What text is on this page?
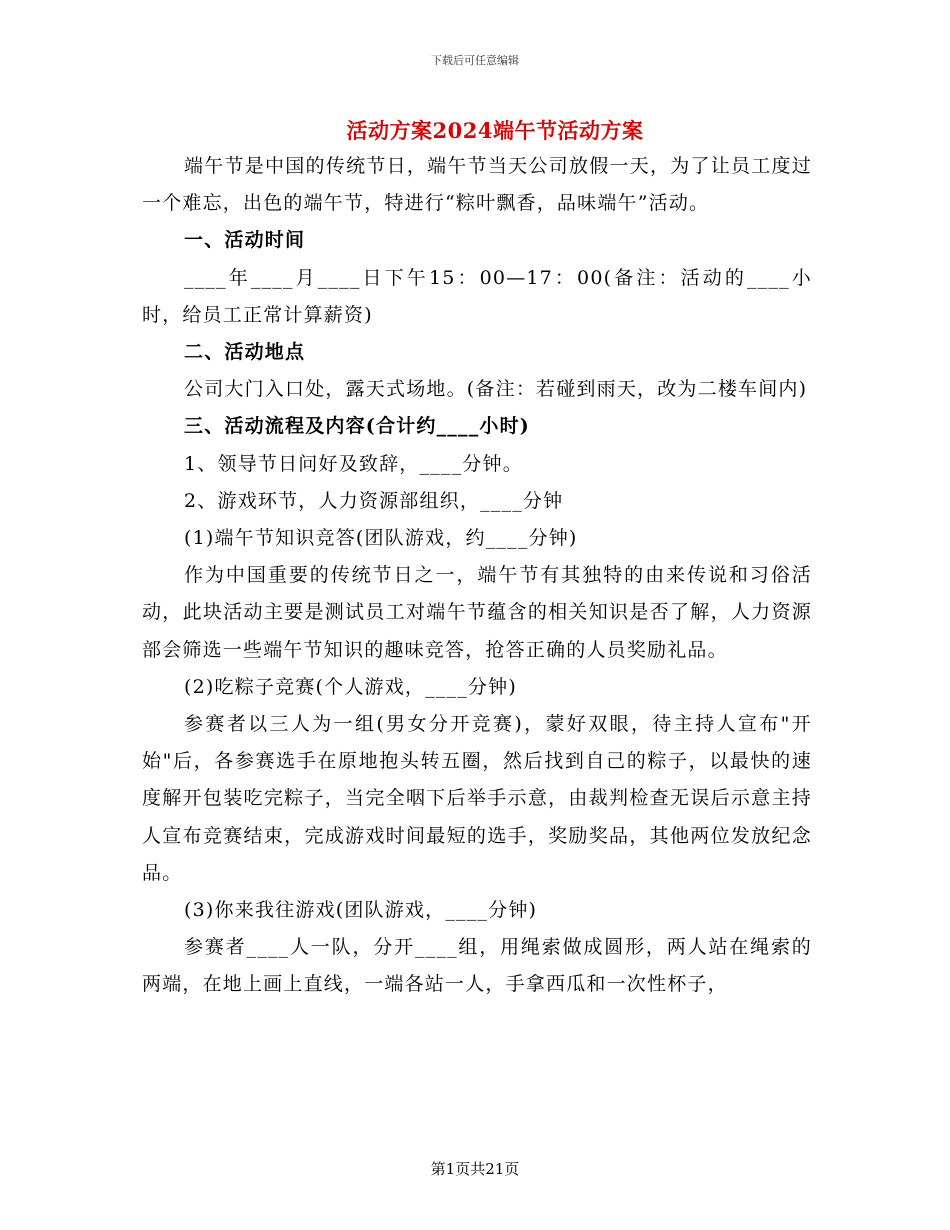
下载后可任意编辑
活动方案2024端午节活动方案

端午节是中国的传统节日，端午节当天公司放假一天，为了让员工度过一个难忘，出色的端午节，特进行“粽叶飘香，品味端午”活动。

一、活动时间

____年____月____日下午15：00—17：00(备注：活动的____小时，给员工正常计算薪资)

二、活动地点

公司大门入口处，露天式场地。(备注：若碰到雨天，改为二楼车间内)

三、活动流程及内容(合计约____小时)

1、领导节日问好及致辞，____分钟。

2、游戏环节，人力资源部组织，____分钟

(1)端午节知识竞答(团队游戏，约____分钟)

作为中国重要的传统节日之一，端午节有其独特的由来传说和习俗活动，此块活动主要是测试员工对端午节蕴含的相关知识是否了解，人力资源部会筛选一些端午节知识的趣味竞答，抢答正确的人员奖励礼品。

(2)吃粽子竞赛(个人游戏，____分钟)

参赛者以三人为一组(男女分开竞赛)，蒙好双眼，待主持人宣布"开始"后，各参赛选手在原地抱头转五圈，然后找到自己的粽子，以最快的速度解开包装吃完粽子，当完全咽下后举手示意，由裁判检查无误后示意主持人宣布竞赛结束，完成游戏时间最短的选手，奖励奖品，其他两位发放纪念品。

(3)你来我往游戏(团队游戏，____分钟)

参赛者____人一队，分开____组，用绳索做成圆形，两人站在绳索的两端，在地上画上直线，一端各站一人，手拿西瓜和一次性杯子，

第1页共21页
